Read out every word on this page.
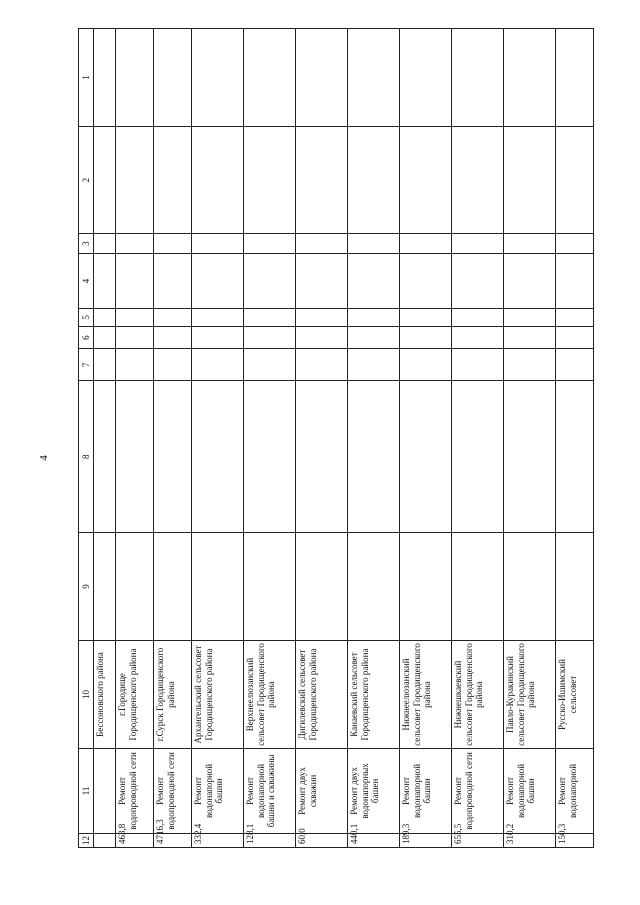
4
12	11	10	9	8	7	6	5	4	3	2	1
		Бессоновского района									
463,8	Ремонт водопроводной сети	г.Городище Городищенского района									
4716,3	Ремонт водопроводной сети	г.Сурск Городищенского района									
332,4	Ремонт водонапорной башни	Архангельский сельсовет Городищенского района									
128,1	Ремонт водонапорной башни и скважины	Верхнеелюзанский сельсовет Городищенского района									
60,0	Ремонт двух скважин	Дигилевский сельсовет Городищенского района									
440,1	Ремонт двух водонапорных башен	Канаевский сельсовет Городищенского района									
189,3	Ремонт водонапорной башни	Нижнеелюзанский сельсовет Городищенского района									
655,5	Ремонт водопроводной сети	Нижнешкаевский сельсовет Городищенского района									
310,2	Ремонт водонапорной башни	Павло-Куракинский сельсовет Городищенского района									
150,3	Ремонт водонапорной	Русско-Ишимский сельсовет									
